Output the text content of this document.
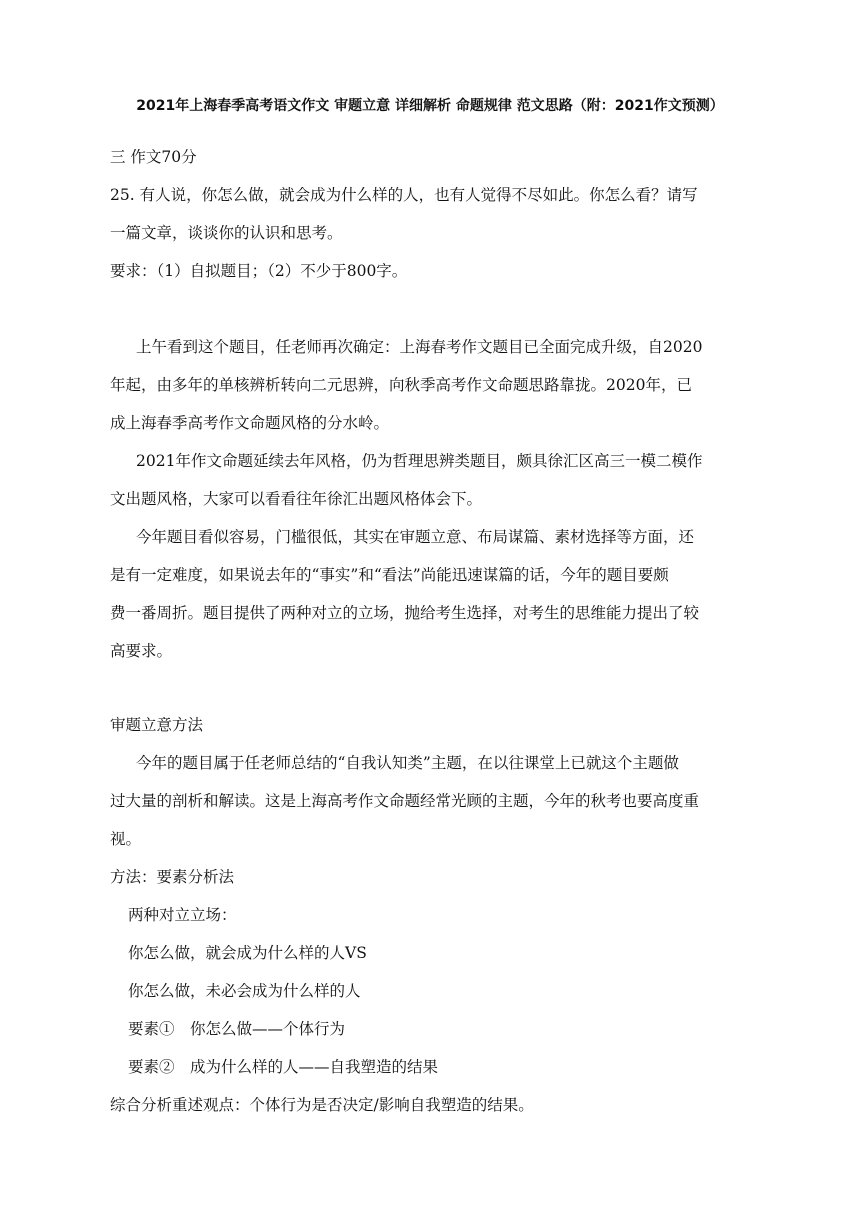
2021年上海春季高考语文作文 审题立意 详细解析 命题规律 范文思路（附：2021作文预测）
三 作文70分
25. 有人说，你怎么做，就会成为什么样的人，也有人觉得不尽如此。你怎么看？请写
一篇文章，谈谈你的认识和思考。
要求：（1）自拟题目；（2）不少于800字。
上午看到这个题目，任老师再次确定：上海春考作文题目已全面完成升级，自2020
年起，由多年的单核辨析转向二元思辨，向秋季高考作文命题思路靠拢。2020年，已
成上海春季高考作文命题风格的分水岭。
2021年作文命题延续去年风格，仍为哲理思辨类题目，颇具徐汇区高三一模二模作
文出题风格，大家可以看看往年徐汇出题风格体会下。
今年题目看似容易，门槛很低，其实在审题立意、布局谋篇、素材选择等方面，还
是有一定难度，如果说去年的“事实”和“看法”尚能迅速谋篇的话，今年的题目要颇
费一番周折。题目提供了两种对立的立场，抛给考生选择，对考生的思维能力提出了较
高要求。
审题立意方法
今年的题目属于任老师总结的“自我认知类”主题，在以往课堂上已就这个主题做
过大量的剖析和解读。这是上海高考作文命题经常光顾的主题，今年的秋考也要高度重
视。
方法：要素分析法
两种对立立场：
你怎么做，就会成为什么样的人VS
你怎么做，未必会成为什么样的人
要素①　你怎么做——个体行为
要素②　成为什么样的人——自我塑造的结果
综合分析重述观点：个体行为是否决定/影响自我塑造的结果。
